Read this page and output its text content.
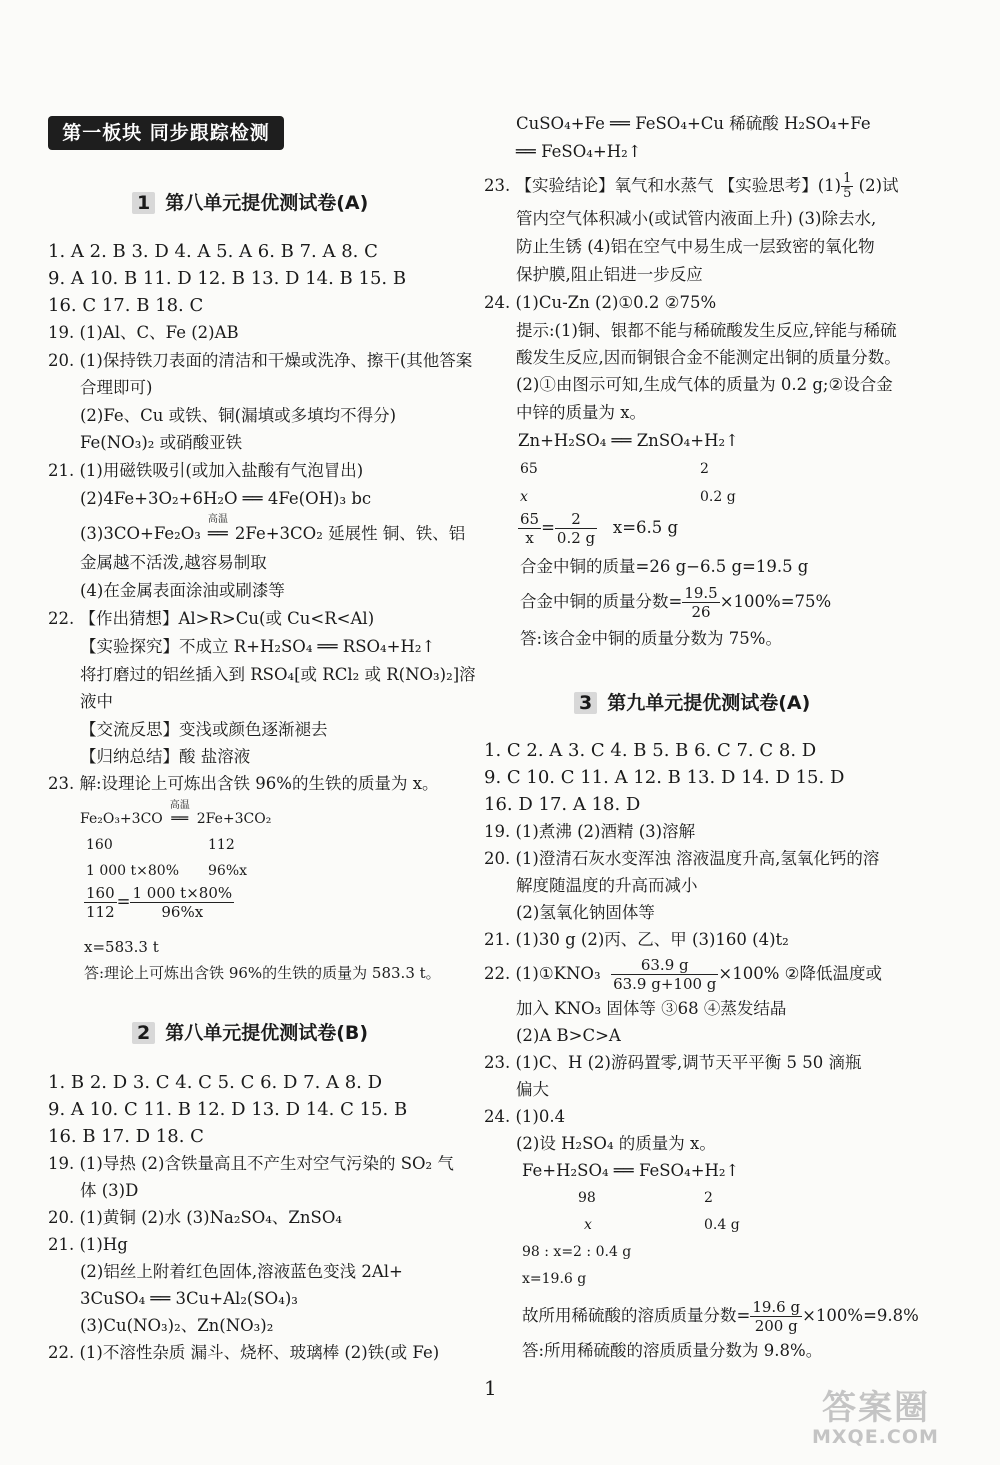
第一板块 同步跟踪检测
1 第八单元提优测试卷(A)
1. A 2. B 3. D 4. A 5. A 6. B 7. A 8. C
9. A 10. B 11. D 12. B 13. D 14. B 15. B
16. C 17. B 18. C
19. (1)Al、C、Fe (2)AB
20. (1)保持铁刀表面的清洁和干燥或洗净、擦干(其他答案
合理即可)
(2)Fe、Cu 或铁、铜(漏填或多填均不得分)
Fe(NO₃)₂ 或硝酸亚铁
21. (1)用磁铁吸引(或加入盐酸有气泡冒出)
(2)4Fe+3O₂+6H₂O ══ 4Fe(OH)₃ bc
(3)3CO+Fe₂O₃
高温
══ 2Fe+3CO₂ 延展性 铜、铁、铝
金属越不活泼,越容易制取
(4)在金属表面涂油或刷漆等
22. 【作出猜想】Al>R>Cu(或 Cu<R<Al)
【实验探究】不成立 R+H₂SO₄ ══ RSO₄+H₂↑
将打磨过的铝丝插入到 RSO₄[或 RCl₂ 或 R(NO₃)₂]溶
液中
【交流反思】变浅或颜色逐渐褪去
【归纳总结】酸 盐溶液
23. 解:设理论上可炼出含铁 96%的生铁的质量为 x。
Fe₂O₃+3CO
高温
══ 2Fe+3CO₂
160	112
1 000 t×80% 96%x
$\frac{160}{112} = \frac{1 000 t\times 80\%}{96\%x}$
x=583.3 t
答:理论上可炼出含铁 96%的生铁的质量为 583.3 t。
2 第八单元提优测试卷(B)
1. B 2. D 3. C 4. C 5. C 6. D 7. A 8. D
9. A 10. C 11. B 12. D 13. D 14. C 15. B
16. B 17. D 18. C
19. (1)导热 (2)含铁量高且不产生对空气污染的 SO₂ 气
体 (3)D
20. (1)黄铜 (2)水 (3)Na₂SO₄、ZnSO₄
21. (1)Hg
(2)铝丝上附着红色固体,溶液蓝色变浅 2Al+
3CuSO₄ ══ 3Cu+Al₂(SO₄)₃
(3)Cu(NO₃)₂、Zn(NO₃)₂
22. (1)不溶性杂质 漏斗、烧杯、玻璃棒 (2)铁(或 Fe)
CuSO₄+Fe ══ FeSO₄+Cu 稀硫酸 H₂SO₄+Fe
══ FeSO₄+H₂↑
23. 【实验结论】氧气和水蒸气 【实验思考】$(1) \frac{1}{5} (2)$试
管内空气体积减小(或试管内液面上升) (3)除去水,
防止生锈 (4)铝在空气中易生成一层致密的氧化物
保护膜,阻止铝进一步反应
24. (1)Cu-Zn (2)①0.2 ②75%
提示:(1)铜、银都不能与稀硫酸发生反应,锌能与稀硫
酸发生反应,因而铜银合金不能测定出铜的质量分数。
(2)①由图示可知,生成气体的质量为 0.2 g;②设合金
中锌的质量为 x。
Zn+H₂SO₄ ══ ZnSO₄+H₂↑
65	2
x	0.2 g
$\frac{65}{x} = \frac{2}{0.2 g} x=6.5$ g
合金中铜的质量=26 g−6.5 g=19.5 g
合金中铜的质量分数= $\frac{19.5}{26} \times 100\%=75\%$
答:该合金中铜的质量分数为 75%。
3 第九单元提优测试卷(A)
1. C 2. A 3. C 4. B 5. B 6. C 7. C 8. D
9. C 10. C 11. A 12. B 13. D 14. D 15. D
16. D 17. A 18. D
19. (1)煮沸 (2)酒精 (3)溶解
20. (1)澄清石灰水变浑浊 溶液温度升高,氢氧化钙的溶
解度随温度的升高而减小
(2)氢氧化钠固体等
21. (1)30 g (2)丙、乙、甲 (3)160 (4)t₂
22. (1)①KNO₃ $\frac{63.9 g}{63.9 g+100 g} \times 100\%$ ②降低温度或
加入 KNO₃ 固体等 ③68 ④蒸发结晶
(2)A B>C>A
23. (1)C、H (2)游码置零,调节天平平衡 5 50 滴瓶
偏大
24. (1)0.4
(2)设 H₂SO₄ 的质量为 x。
Fe+H₂SO₄ ══ FeSO₄+H₂↑
98	2
x	0.4 g
98 : x=2 : 0.4 g
x=19.6 g
故所用稀硫酸的溶质质量分数= $\frac{19.6 g}{200 g} \times 100\%=9.8\%$
答:所用稀硫酸的溶质质量分数为 9.8%。
1	答案圈
MXQE.COM
